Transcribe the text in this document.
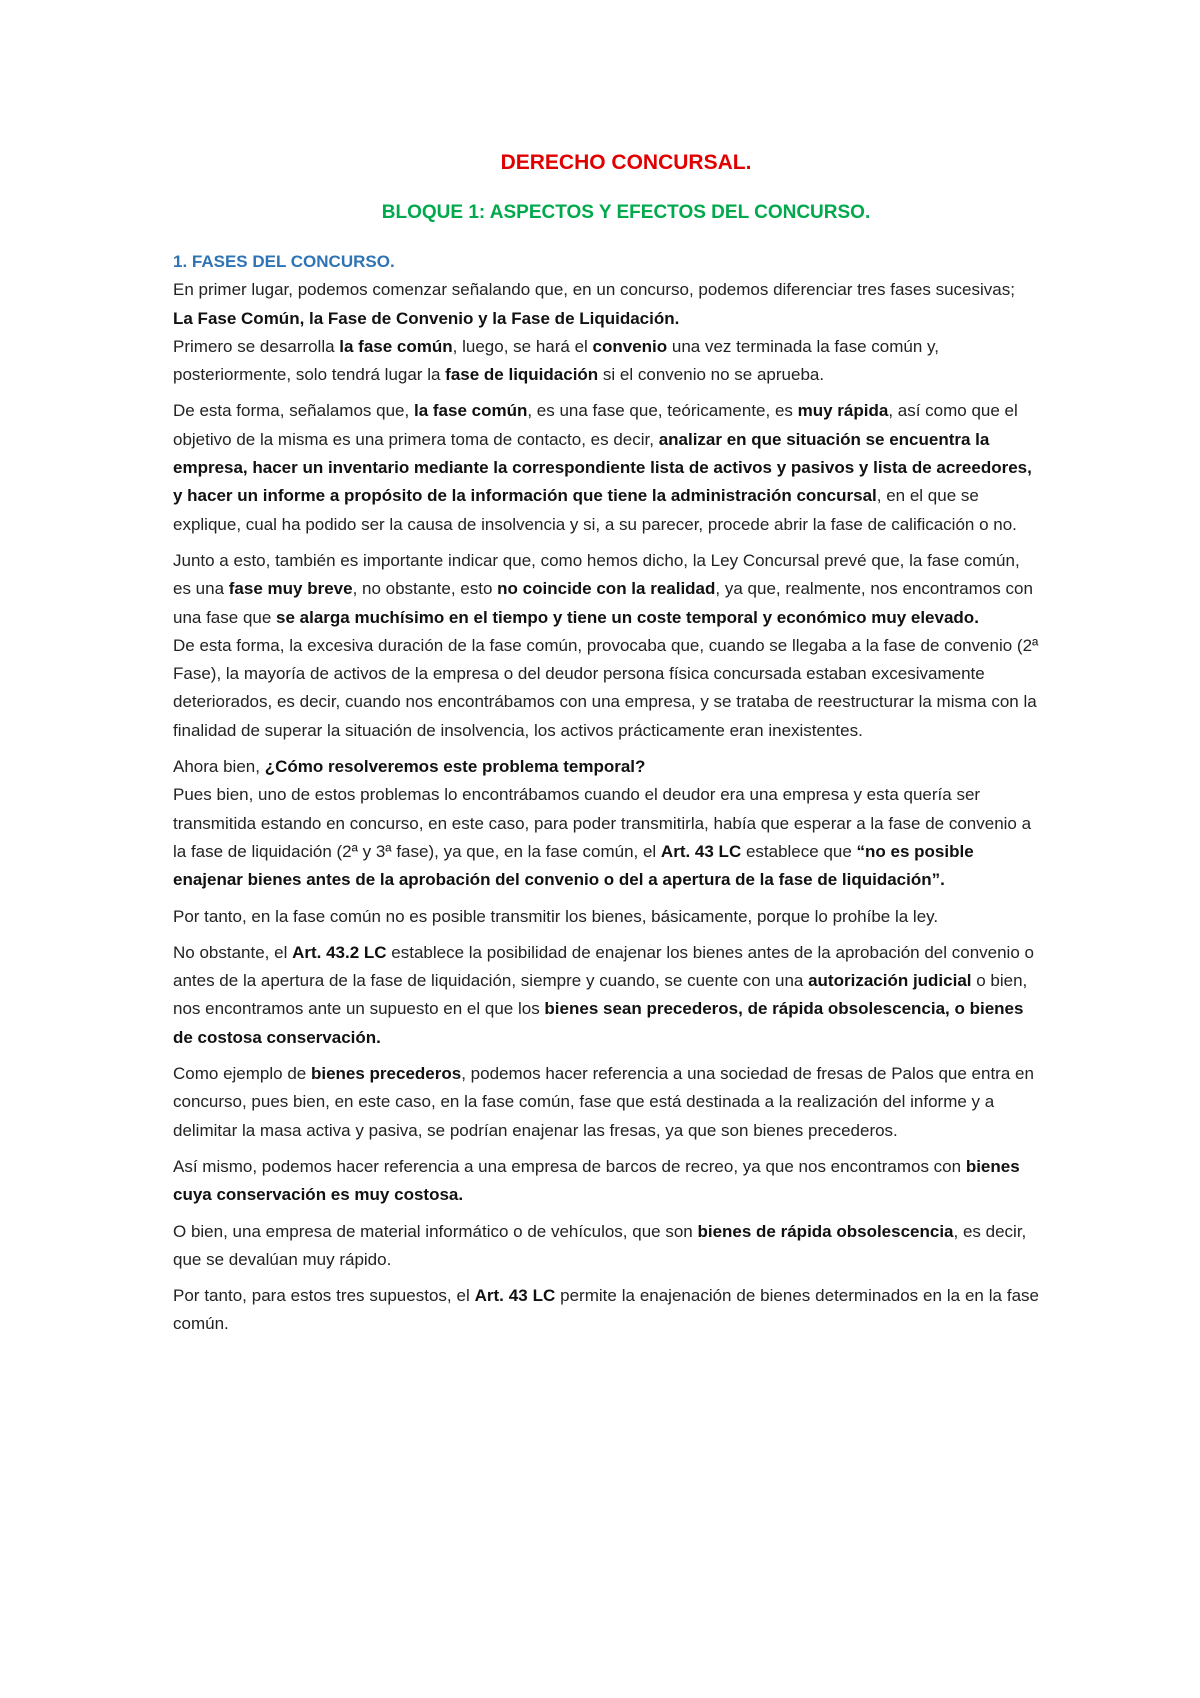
DERECHO CONCURSAL.
BLOQUE 1: ASPECTOS Y EFECTOS DEL CONCURSO.
1. FASES DEL CONCURSO.

En primer lugar, podemos comenzar señalando que, en un concurso, podemos diferenciar tres fases sucesivas; La Fase Común, la Fase de Convenio y la Fase de Liquidación.

Primero se desarrolla la fase común, luego, se hará el convenio una vez terminada la fase común y, posteriormente, solo tendrá lugar la fase de liquidación si el convenio no se aprueba.

De esta forma, señalamos que, la fase común, es una fase que, teóricamente, es muy rápida, así como que el objetivo de la misma es una primera toma de contacto, es decir, analizar en que situación se encuentra la empresa, hacer un inventario mediante la correspondiente lista de activos y pasivos y lista de acreedores, y hacer un informe a propósito de la información que tiene la administración concursal, en el que se explique, cual ha podido ser la causa de insolvencia y si, a su parecer, procede abrir la fase de calificación o no.

Junto a esto, también es importante indicar que, como hemos dicho, la Ley Concursal prevé que, la fase común, es una fase muy breve, no obstante, esto no coincide con la realidad, ya que, realmente, nos encontramos con una fase que se alarga muchísimo en el tiempo y tiene un coste temporal y económico muy elevado.

De esta forma, la excesiva duración de la fase común, provocaba que, cuando se llegaba a la fase de convenio (2ª Fase), la mayoría de activos de la empresa o del deudor persona física concursada estaban excesivamente deteriorados, es decir, cuando nos encontrábamos con una empresa, y se trataba de reestructurar la misma con la finalidad de superar la situación de insolvencia, los activos prácticamente eran inexistentes.

Ahora bien, ¿Cómo resolveremos este problema temporal?

Pues bien, uno de estos problemas lo encontrábamos cuando el deudor era una empresa y esta quería ser transmitida estando en concurso, en este caso, para poder transmitirla, había que esperar a la fase de convenio a la fase de liquidación (2ª y 3ª fase), ya que, en la fase común, el Art. 43 LC establece que “no es posible enajenar bienes antes de la aprobación del convenio o del a apertura de la fase de liquidación”.

Por tanto, en la fase común no es posible transmitir los bienes, básicamente, porque lo prohíbe la ley.

No obstante, el Art. 43.2 LC establece la posibilidad de enajenar los bienes antes de la aprobación del convenio o antes de la apertura de la fase de liquidación, siempre y cuando, se cuente con una autorización judicial o bien, nos encontramos ante un supuesto en el que los bienes sean precederos, de rápida obsolescencia, o bienes de costosa conservación.

Como ejemplo de bienes precederos, podemos hacer referencia a una sociedad de fresas de Palos que entra en concurso, pues bien, en este caso, en la fase común, fase que está destinada a la realización del informe y a delimitar la masa activa y pasiva, se podrían enajenar las fresas, ya que son bienes precederos.

Así mismo, podemos hacer referencia a una empresa de barcos de recreo, ya que nos encontramos con bienes cuya conservación es muy costosa.

O bien, una empresa de material informático o de vehículos, que son bienes de rápida obsolescencia, es decir, que se devalúan muy rápido.

Por tanto, para estos tres supuestos, el Art. 43 LC permite la enajenación de bienes determinados en la en la fase común.
